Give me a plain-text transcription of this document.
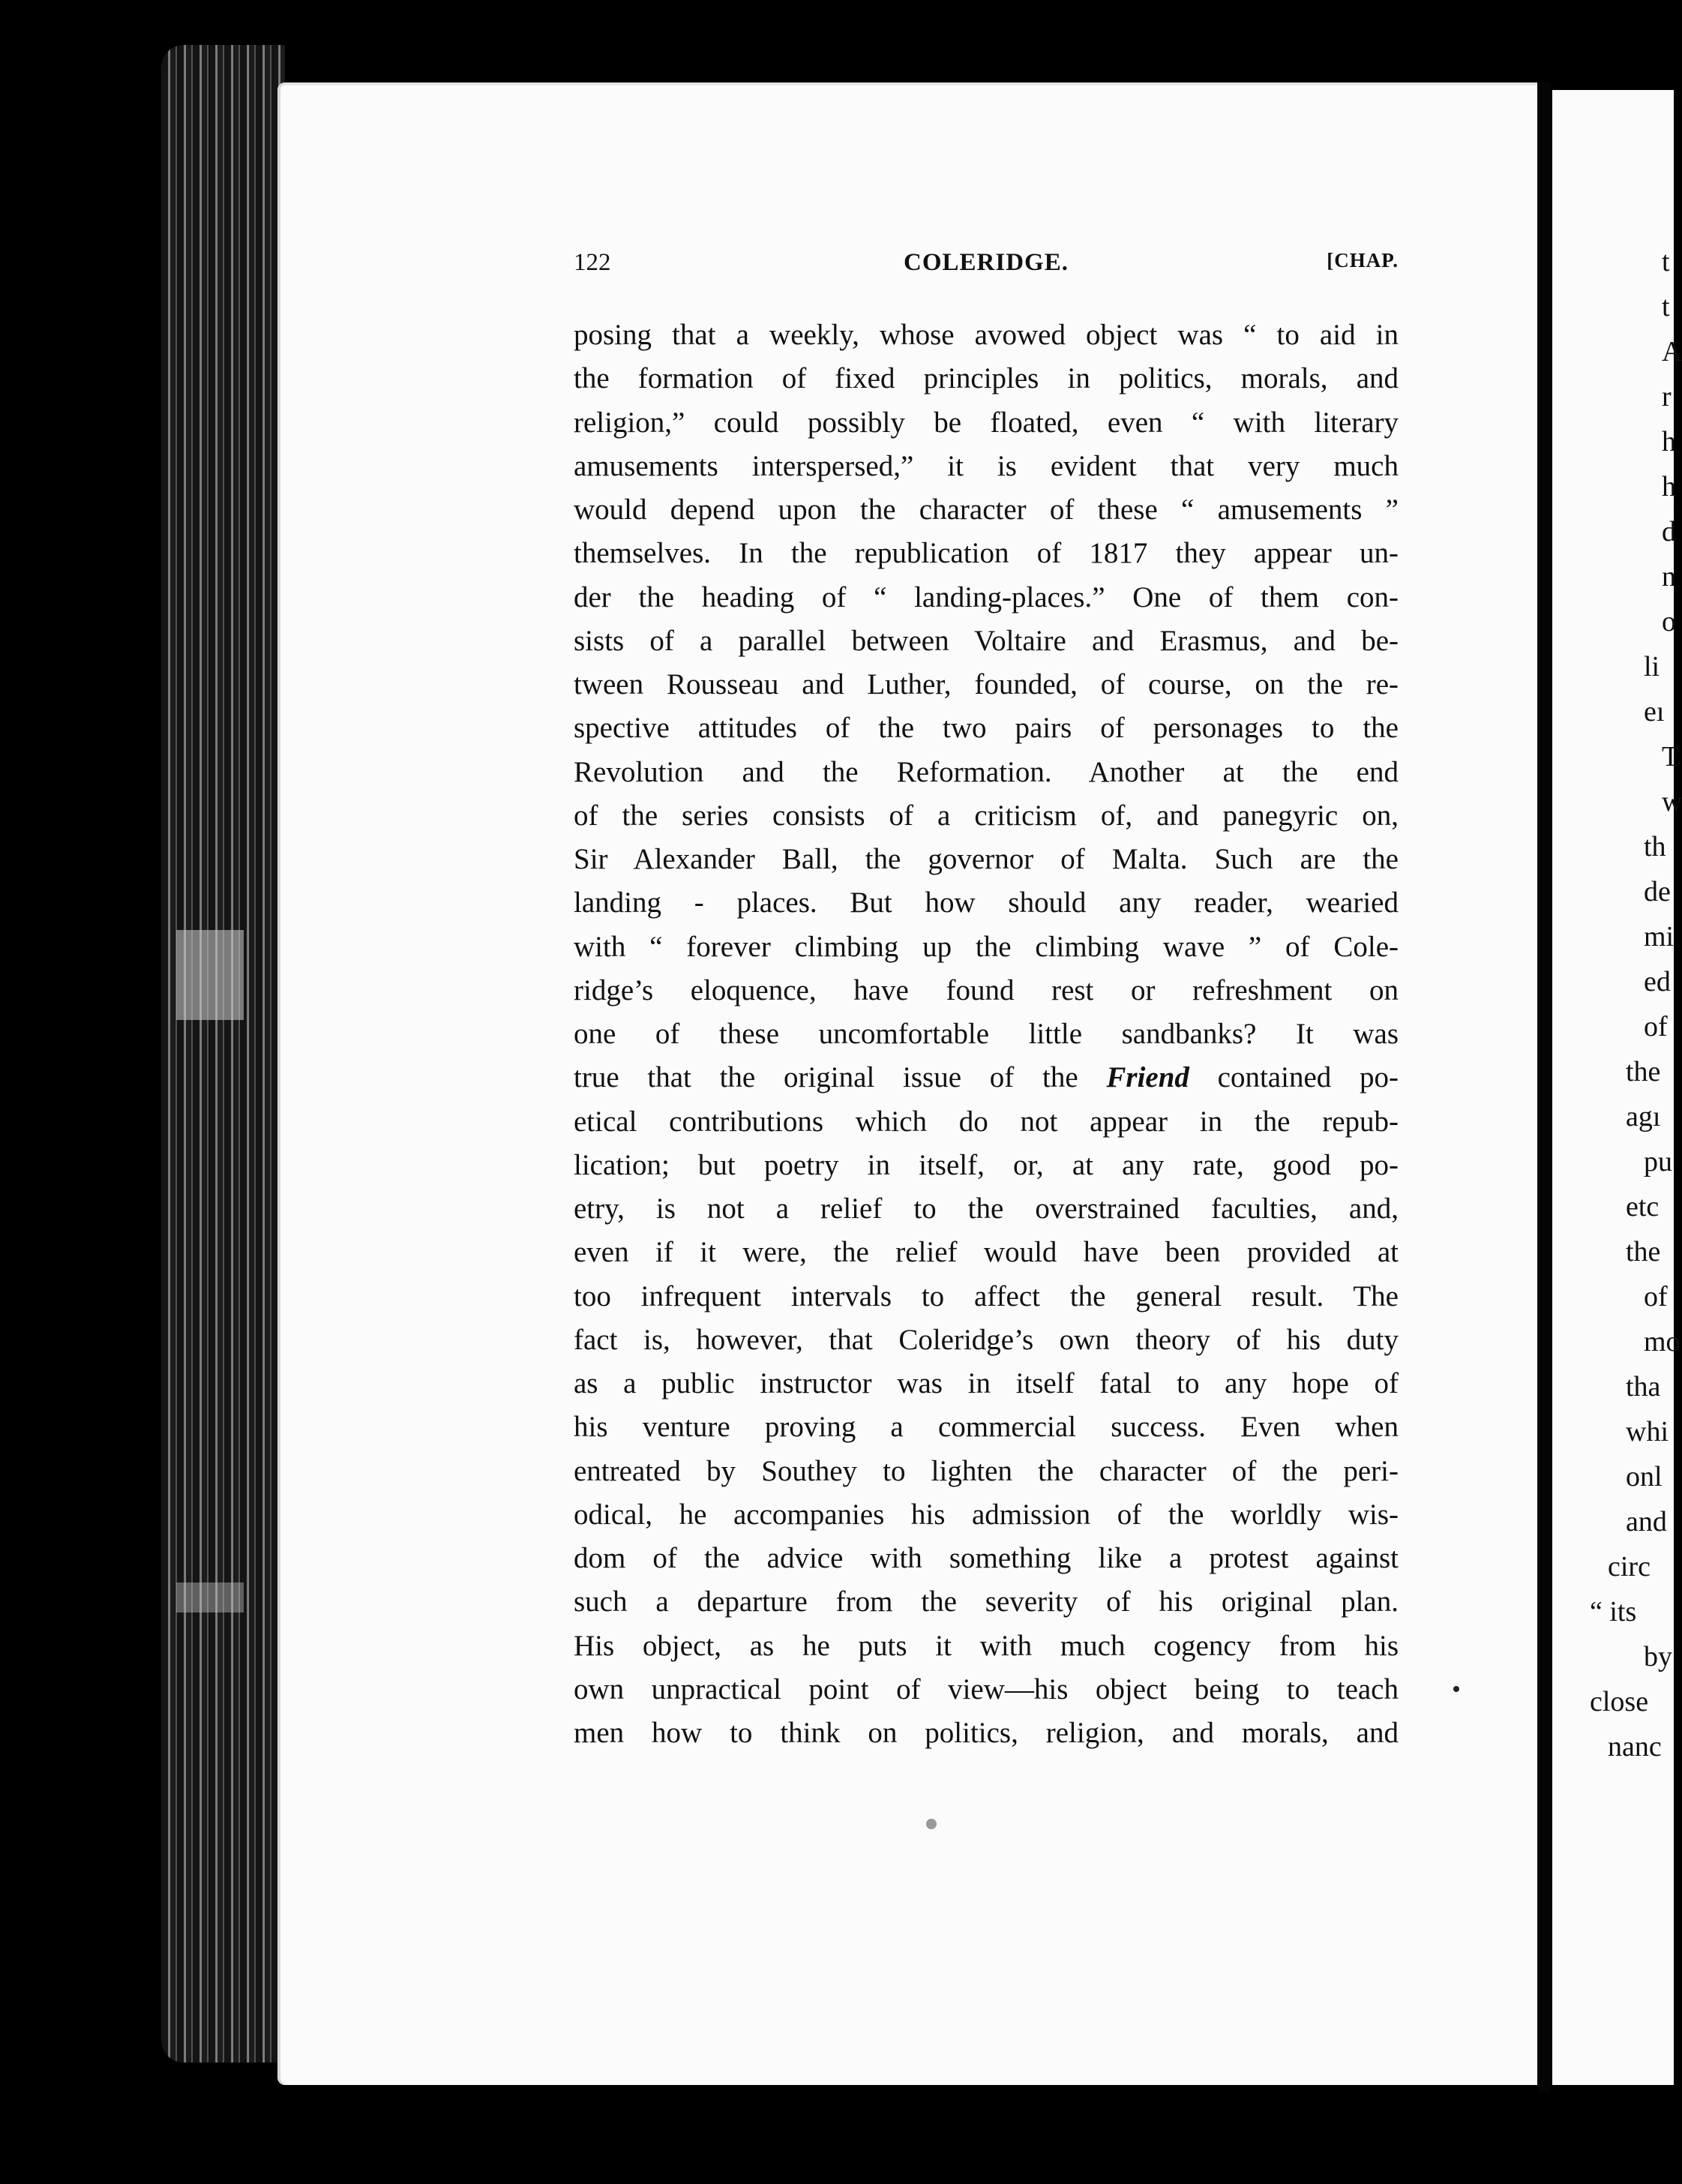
t
t
A
r
h
h
d
n
o
li
eı
T
w
th
de
mi
ed
of
the
agı
pu
etc
the
of
mo
tha
whi
onl
and
circ
“ its
by
close
nanc
122	COLERIDGE.	[CHAP.
posing that a weekly, whose avowed object was “ to aid in
the formation of fixed principles in politics, morals, and
religion,” could possibly be floated, even “ with literary
amusements interspersed,” it is evident that very much
would depend upon the character of these “ amusements ”
themselves. In the republication of 1817 they appear un-
der the heading of “ landing-places.” One of them con-
sists of a parallel between Voltaire and Erasmus, and be-
tween Rousseau and Luther, founded, of course, on the re-
spective attitudes of the two pairs of personages to the
Revolution and the Reformation. Another at the end
of the series consists of a criticism of, and panegyric on,
Sir Alexander Ball, the governor of Malta. Such are the
landing - places. But how should any reader, wearied
with “ forever climbing up the climbing wave ” of Cole-
ridge’s eloquence, have found rest or refreshment on
one of these uncomfortable little sandbanks? It was
true that the original issue of the Friend contained po-
etical contributions which do not appear in the repub-
lication; but poetry in itself, or, at any rate, good po-
etry, is not a relief to the overstrained faculties, and,
even if it were, the relief would have been provided at
too infrequent intervals to affect the general result. The
fact is, however, that Coleridge’s own theory of his duty
as a public instructor was in itself fatal to any hope of
his venture proving a commercial success. Even when
entreated by Southey to lighten the character of the peri-
odical, he accompanies his admission of the worldly wis-
dom of the advice with something like a protest against
such a departure from the severity of his original plan.
His object, as he puts it with much cogency from his
own unpractical point of view—his object being to teach
men how to think on politics, religion, and morals, and
